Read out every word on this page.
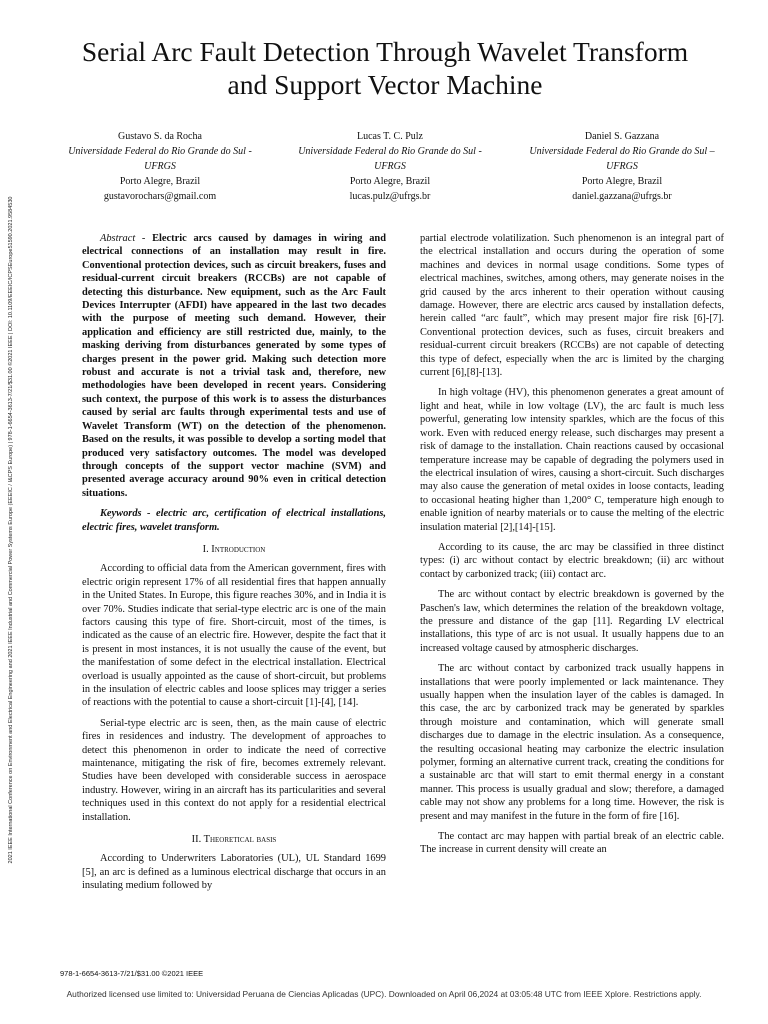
2021 IEEE International Conference on Environment and Electrical Engineering and 2021 IEEE Industrial and Commercial Power Systems Europe (EEEIC / I&CPS Europe) | 978-1-6654-3613-7/21/$31.00 ©2021 IEEE | DOI: 10.1109/EEEIC/ICPSEurope51590.2021.9584530
Serial Arc Fault Detection Through Wavelet Transform and Support Vector Machine
Gustavo S. da Rocha
Universidade Federal do Rio Grande do Sul - UFRGS
Porto Alegre, Brazil
gustavorochars@gmail.com
Lucas T. C. Pulz
Universidade Federal do Rio Grande do Sul - UFRGS
Porto Alegre, Brazil
lucas.pulz@ufrgs.br
Daniel S. Gazzana
Universidade Federal do Rio Grande do Sul – UFRGS
Porto Alegre, Brazil
daniel.gazzana@ufrgs.br

Abstract - Electric arcs caused by damages in wiring and electrical connections of an installation may result in fire. Conventional protection devices, such as circuit breakers, fuses and residual-current circuit breakers (RCCBs) are not capable of detecting this disturbance. New equipment, such as the Arc Fault Devices Interrupter (AFDI) have appeared in the last two decades with the purpose of meeting such demand. However, their application and efficiency are still restricted due, mainly, to the masking deriving from disturbances generated by some types of charges present in the power grid. Making such detection more robust and accurate is not a trivial task and, therefore, new methodologies have been developed in recent years. Considering such context, the purpose of this work is to assess the disturbances caused by serial arc faults through experimental tests and use of Wavelet Transform (WT) on the detection of the phenomenon. Based on the results, it was possible to develop a sorting model that produced very satisfactory outcomes. The model was developed through concepts of the support vector machine (SVM) and presented average accuracy around 90% even in critical detection situations.

Keywords - electric arc, certification of electrical installations, electric fires, wavelet transform.

I. Introduction

According to official data from the American government, fires with electric origin represent 17% of all residential fires that happen annually in the United States. In Europe, this figure reaches 30%, and in India it is over 70%. Studies indicate that serial-type electric arc is one of the main factors causing this type of fire. Short-circuit, most of the times, is indicated as the cause of an electric fire. However, despite the fact that it is present in most instances, it is not usually the cause of the event, but the manifestation of some defect in the electrical installation. Electrical overload is usually appointed as the cause of short-circuit, but problems in the insulation of electric cables and loose splices may trigger a series of reactions with the potential to cause a short-circuit [1]-[4], [14].

Serial-type electric arc is seen, then, as the main cause of electric fires in residences and industry. The development of approaches to detect this phenomenon in order to indicate the need of corrective maintenance, mitigating the risk of fire, becomes extremely relevant. Studies have been developed with considerable success in aerospace industry. However, wiring in an aircraft has its particularities and several techniques used in this context do not apply for a residential electrical installation.

II. Theoretical basis

According to Underwriters Laboratories (UL), UL Standard 1699 [5], an arc is defined as a luminous electrical discharge that occurs in an insulating medium followed by

partial electrode volatilization. Such phenomenon is an integral part of the electrical installation and occurs during the operation of some machines and devices in normal usage conditions. Some types of electrical machines, switches, among others, may generate noises in the grid caused by the arcs inherent to their operation without causing damage. However, there are electric arcs caused by installation defects, herein called “arc fault”, which may present major fire risk [6]-[7]. Conventional protection devices, such as fuses, circuit breakers and residual-current circuit breakers (RCCBs) are not capable of detecting this type of defect, especially when the arc is limited by the charging current [6],[8]-[13].

In high voltage (HV), this phenomenon generates a great amount of light and heat, while in low voltage (LV), the arc fault is much less powerful, generating low intensity sparkles, which are the focus of this work. Even with reduced energy release, such discharges may present a risk of damage to the installation. Chain reactions caused by occasional temperature increase may be capable of degrading the polymers used in the electrical insulation of wires, causing a short-circuit. Such discharges may also cause the generation of metal oxides in loose contacts, leading to occasional heating higher than 1,200° C, temperature high enough to enable ignition of nearby materials or to cause the melting of the electric insulation material [2],[14]-[15].

According to its cause, the arc may be classified in three distinct types: (i) arc without contact by electric breakdown; (ii) arc without contact by carbonized track; (iii) contact arc.

The arc without contact by electric breakdown is governed by the Paschen's law, which determines the relation of the breakdown voltage, the pressure and distance of the gap [11]. Regarding LV electrical installations, this type of arc is not usual. It usually happens due to an increased voltage caused by atmospheric discharges.

The arc without contact by carbonized track usually happens in installations that were poorly implemented or lack maintenance. They usually happen when the insulation layer of the cables is damaged. In this case, the arc by carbonized track may be generated by sparkles through moisture and contamination, which will generate small discharges due to damage in the electric insulation. As a consequence, the resulting occasional heating may carbonize the electric insulation polymer, forming an alternative current track, creating the conditions for a sustainable arc that will start to emit thermal energy in a constant manner. This process is usually gradual and slow; therefore, a damaged cable may not show any problems for a long time. However, the risk is present and may manifest in the future in the form of fire [16].

The contact arc may happen with partial break of an electric cable. The increase in current density will create an

978-1-6654-3613-7/21/$31.00 ©2021 IEEE
Authorized licensed use limited to: Universidad Peruana de Ciencias Aplicadas (UPC). Downloaded on April 06,2024 at 03:05:48 UTC from IEEE Xplore. Restrictions apply.
